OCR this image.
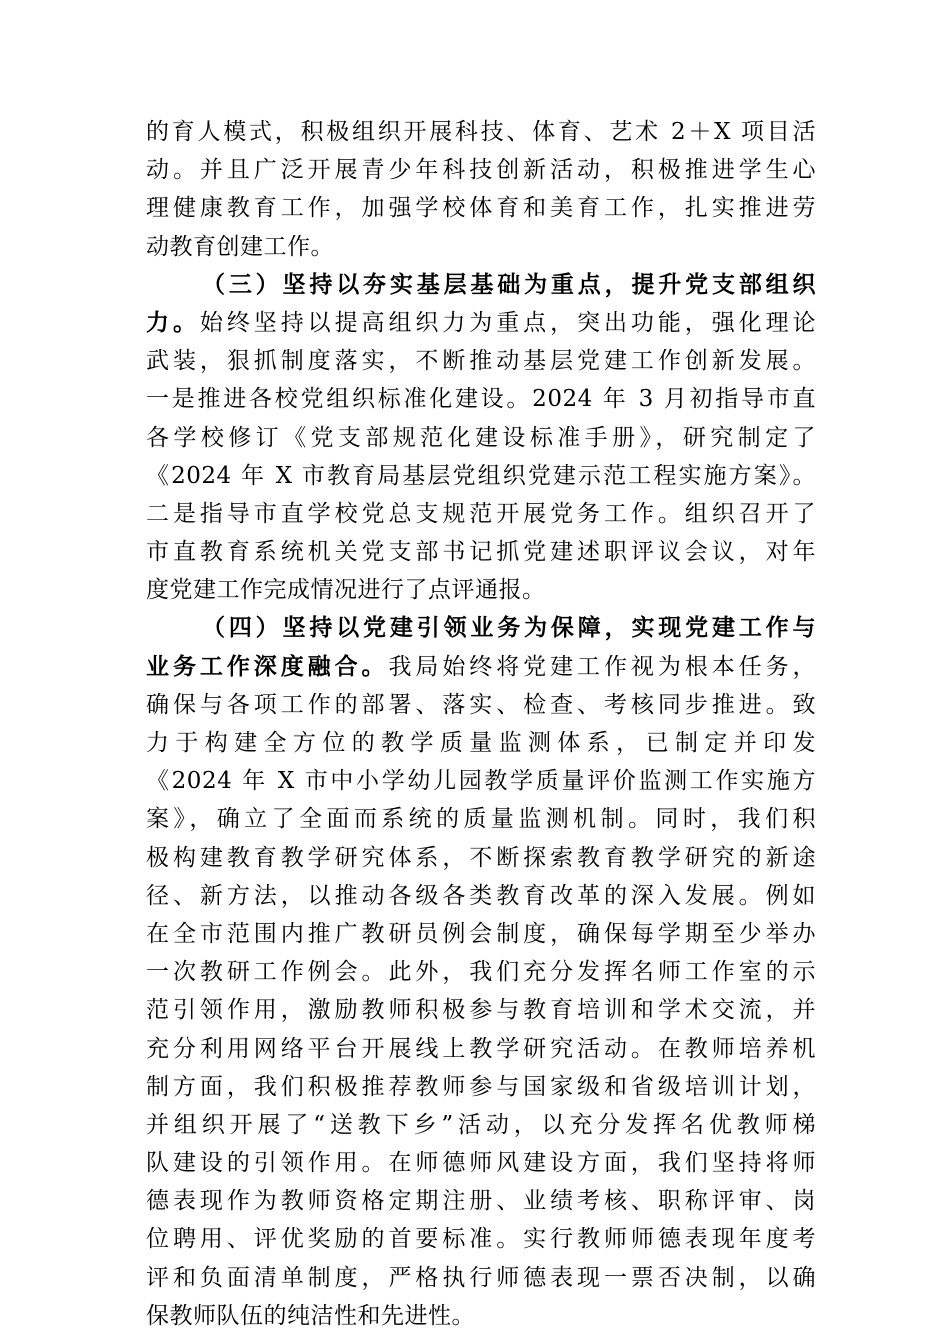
的育人模式，积极组织开展科技、体育、艺术 2＋X 项目活
动。并且广泛开展青少年科技创新活动，积极推进学生心
理健康教育工作，加强学校体育和美育工作，扎实推进劳
动教育创建工作。
（三）坚持以夯实基层基础为重点，提升党支部组织
力。始终坚持以提高组织力为重点，突出功能，强化理论
武装，狠抓制度落实，不断推动基层党建工作创新发展。
一是推进各校党组织标准化建设。2024 年 3 月初指导市直
各学校修订《党支部规范化建设标准手册》，研究制定了
《2024 年 X 市教育局基层党组织党建示范工程实施方案》。
二是指导市直学校党总支规范开展党务工作。组织召开了
市直教育系统机关党支部书记抓党建述职评议会议，对年
度党建工作完成情况进行了点评通报。
（四）坚持以党建引领业务为保障，实现党建工作与
业务工作深度融合。我局始终将党建工作视为根本任务，
确保与各项工作的部署、落实、检查、考核同步推进。致
力于构建全方位的教学质量监测体系，已制定并印发
《2024 年 X 市中小学幼儿园教学质量评价监测工作实施方
案》，确立了全面而系统的质量监测机制。同时，我们积
极构建教育教学研究体系，不断探索教育教学研究的新途
径、新方法，以推动各级各类教育改革的深入发展。例如
在全市范围内推广教研员例会制度，确保每学期至少举办
一次教研工作例会。此外，我们充分发挥名师工作室的示
范引领作用，激励教师积极参与教育培训和学术交流，并
充分利用网络平台开展线上教学研究活动。在教师培养机
制方面，我们积极推荐教师参与国家级和省级培训计划，
并组织开展了“送教下乡”活动，以充分发挥名优教师梯
队建设的引领作用。在师德师风建设方面，我们坚持将师
德表现作为教师资格定期注册、业绩考核、职称评审、岗
位聘用、评优奖励的首要标准。实行教师师德表现年度考
评和负面清单制度，严格执行师德表现一票否决制，以确
保教师队伍的纯洁性和先进性。
